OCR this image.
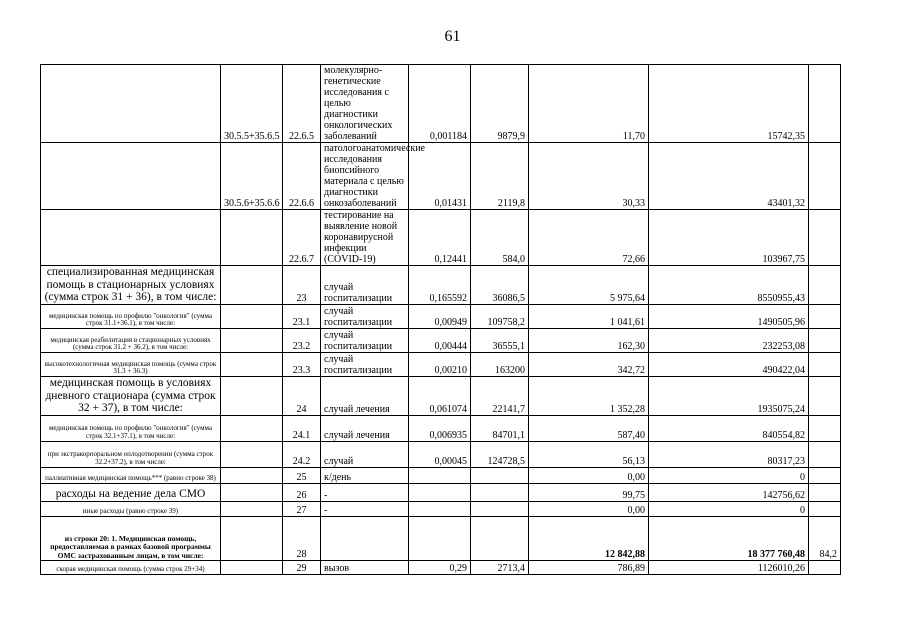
61
	30.5.5+35.6.5	22.6.5	молекулярно-генетические исследования с целью диагностики онкологических заболеваний	0,001184	9879,9	11,70	15742,35	
	30.5.6+35.6.6	22.6.6	патологоанатомические исследования биопсийного материала с целью диагностики онкозаболеваний	0,01431	2119,8	30,33	43401,32	
		22.6.7	тестирование на выявление новой коронавирусной инфекции (COVID-19)	0,12441	584,0	72,66	103967,75	
специализированная медицинская помощь в стационарных условиях (сумма строк 31 + 36), в том числе:		23	случай госпитализации	0,165592	36086,5	5 975,64	8550955,43	
медицинская помощь по профилю "онкология" (сумма строк 31.1+36.1), в том числе:		23.1	случай госпитализации	0,00949	109758,2	1 041,61	1490505,96	
медицинская реабилитация в стационарных условиях (сумма строк 31.2 + 36.2), в том числе:		23.2	случай госпитализации	0,00444	36555,1	162,30	232253,08	
высокотехнологичная медицинская помощь (сумма строк 31.3 + 36.3)		23.3	случай госпитализации	0,00210	163200	342,72	490422,04	
медицинская помощь в условиях дневного стационара (сумма строк 32 + 37), в том числе:		24	случай лечения	0,061074	22141,7	1 352,28	1935075,24	
медицинская помощь по профилю "онкология" (сумма строк 32.1+37.1), в том числе:		24.1	случай лечения	0,006935	84701,1	587,40	840554,82	
при экстракорпоральном оплодотворении (сумма строк 32.2+37.2), в том числе:		24.2	случай	0,00045	124728,5	56,13	80317,23	
паллиативная медицинская помощь*** (равно строке 38)		25	к/день			0,00	0	
расходы на ведение дела СМО		26	-			99,75	142756,62	
иные расходы (равно строке 39)		27	-			0,00	0	
из строки 20: 1. Медицинская помощь, предоставляемая в рамках базовой программы ОМС застрахованным лицам, в том числе:		28				12 842,88	18 377 760,48	84,2
скорая медицинская помощь (сумма строк 29+34)		29	вызов	0,29	2713,4	786,89	1126010,26	
